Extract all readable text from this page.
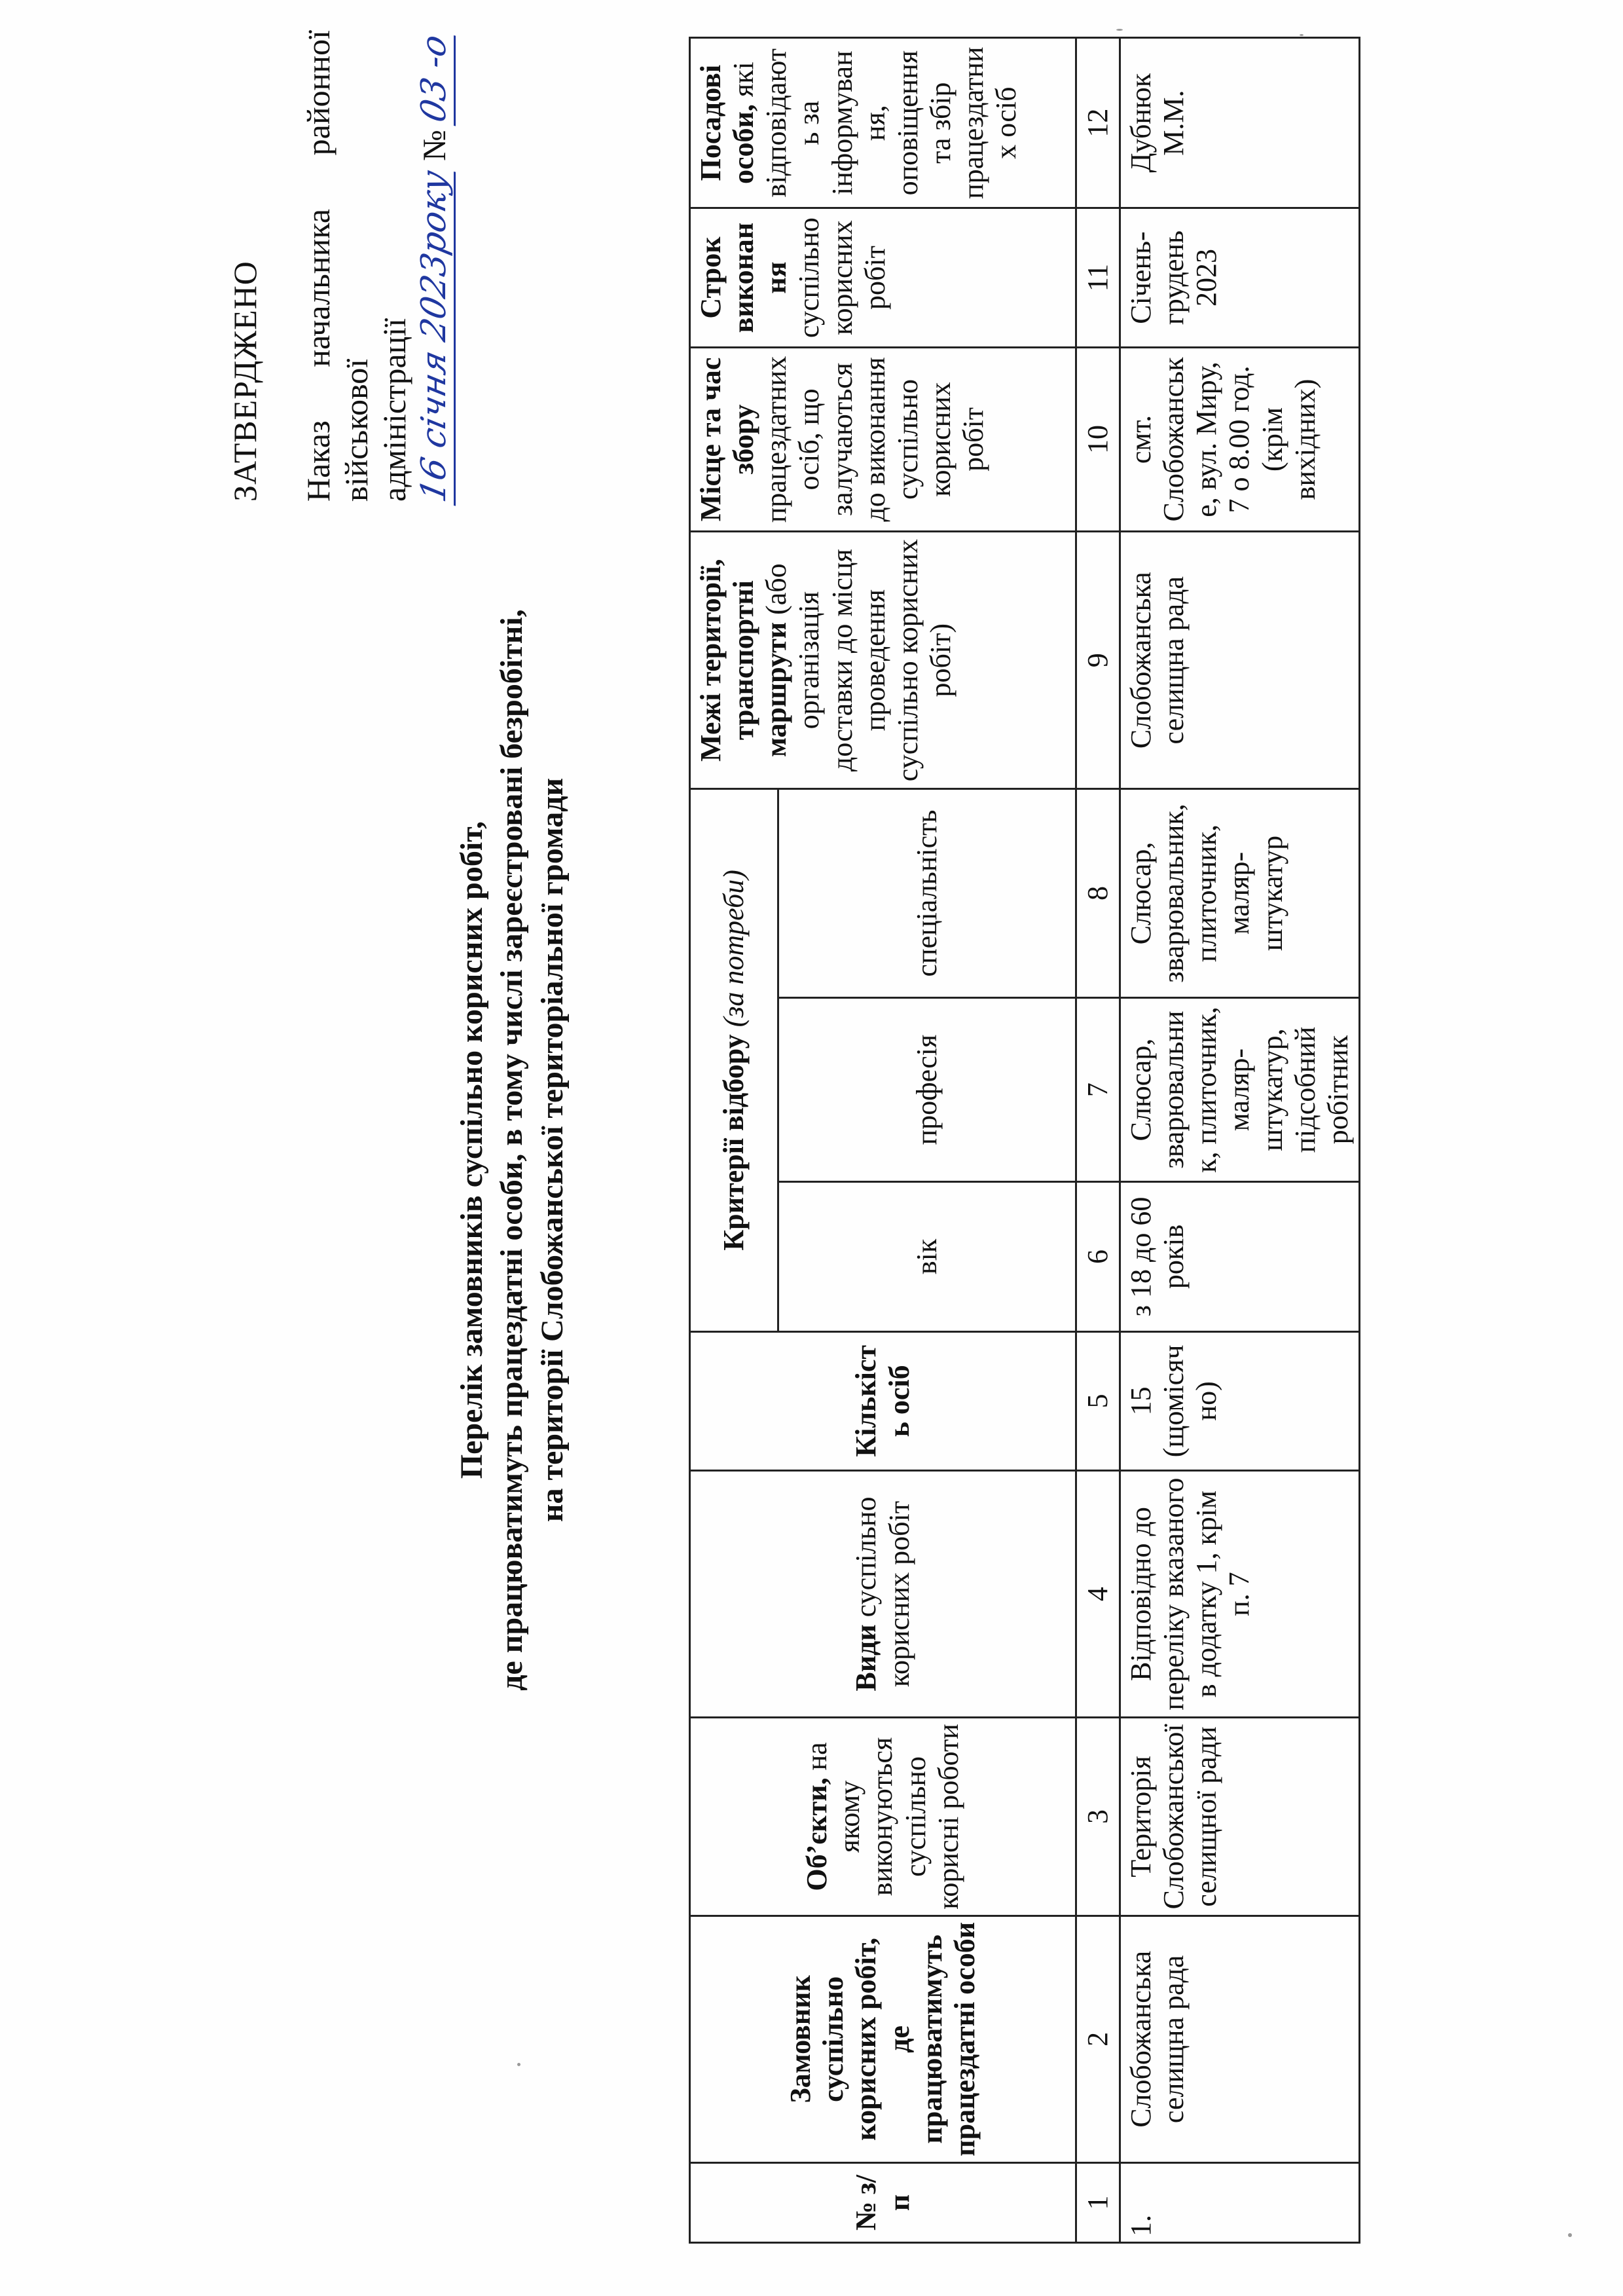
ЗАТВЕРДЖЕНО Наказ начальника районної військової адміністрації 16 січня 2023року№ 03 -о
Перелік замовників суспільно корисних робіт, де працюватимуть працездатні особи, в тому числі зареєстровані безробітні, на території Слобожанської територіальної громади
№ з/п	Замовник суспільно корисних робіт, де працюватимуть працездатні особи	Об’єкти, на якому виконуються суспільно корисні роботи	Види суспільно корисних робіт	Кількість осіб	Критерії відбору (за потреби)			Межі території, транспортні маршрути (або організація доставки до місця проведення суспільно корисних робіт)	Місце та час збору працездатних осіб, що залучаються до виконання суспільно корисних робіт	Строк виконання суспільно корисних робіт	Посадові особи, які відповідають за інформування, оповіщення та збір працездатних осіб
					вік	професія	спеціальність				
1	2	3	4	5	6	7	8	9	10	11	12
1.	Слобожанська селищна рада	Територія Слобожанської селищної ради	Відповідно до переліку вказаного в додатку 1, крім п. 7	15 (щомісячно)	з 18 до 60 років	Слюсар, зварювальник, плиточник, маляр-штукатур, підсобний робітник	Слюсар, зварювальник, плиточник, маляр-штукатур	Слобожанська селищна рада	смт. Слобожанське, вул. Миру, 7 о 8.00 год.(крім вихідних)	Січень-грудень 2023	Дубнюк М.М.
